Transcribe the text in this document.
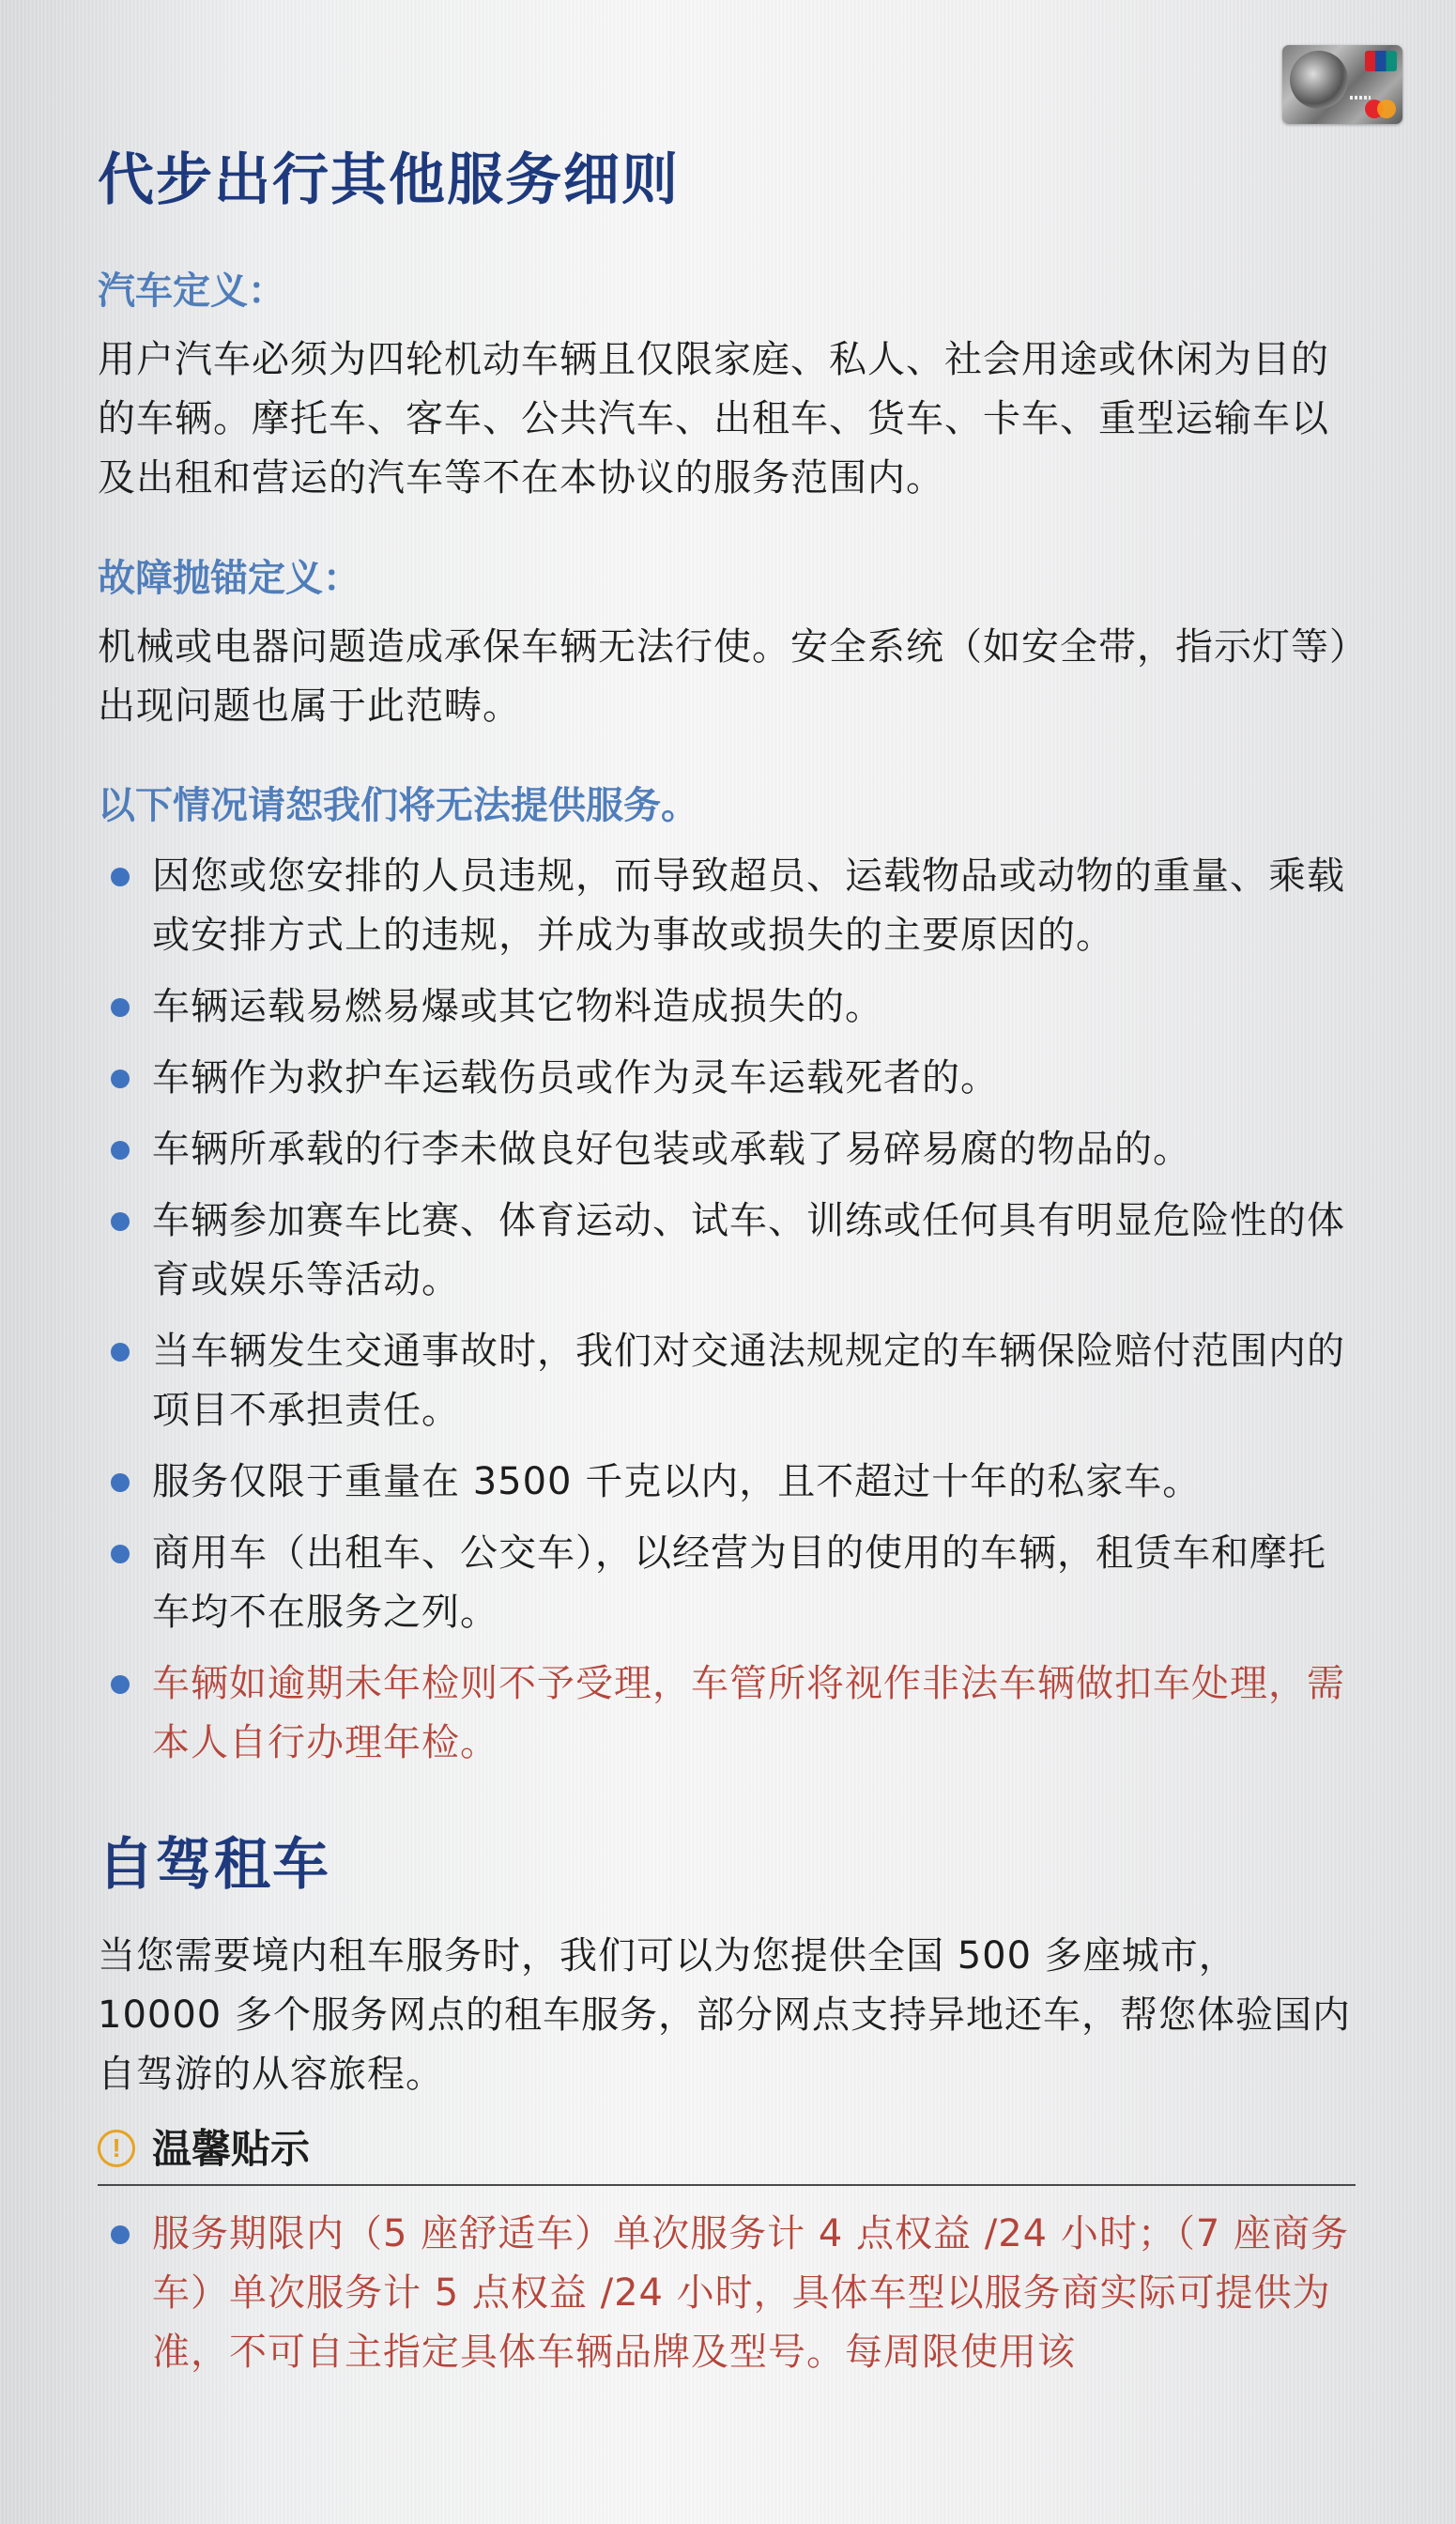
代步出行其他服务细则
汽车定义：

用户汽车必须为四轮机动车辆且仅限家庭、私人、社会用途或休闲为目的的车辆。摩托车、客车、公共汽车、出租车、货车、卡车、重型运输车以及出租和营运的汽车等不在本协议的服务范围内。

故障抛锚定义：

机械或电器问题造成承保车辆无法行使。安全系统（如安全带，指示灯等）出现问题也属于此范畴。

以下情况请恕我们将无法提供服务。
因您或您安排的人员违规，而导致超员、运载物品或动物的重量、乘载或安排方式上的违规，并成为事故或损失的主要原因的。
车辆运载易燃易爆或其它物料造成损失的。
车辆作为救护车运载伤员或作为灵车运载死者的。
车辆所承载的行李未做良好包装或承载了易碎易腐的物品的。
车辆参加赛车比赛、体育运动、试车、训练或任何具有明显危险性的体育或娱乐等活动。
当车辆发生交通事故时，我们对交通法规规定的车辆保险赔付范围内的项目不承担责任。
服务仅限于重量在 3500 千克以内，且不超过十年的私家车。
商用车（出租车、公交车），以经营为目的使用的车辆，租赁车和摩托车均不在服务之列。
车辆如逾期未年检则不予受理，车管所将视作非法车辆做扣车处理，需本人自行办理年检。
自驾租车

当您需要境内租车服务时，我们可以为您提供全国 500 多座城市，10000 多个服务网点的租车服务，部分网点支持异地还车，帮您体验国内自驾游的从容旅程。

! 温馨贴示
服务期限内（5 座舒适车）单次服务计 4 点权益 /24 小时；（7 座商务车）单次服务计 5 点权益 /24 小时，具体车型以服务商实际可提供为准，不可自主指定具体车辆品牌及型号。每周限使用该
